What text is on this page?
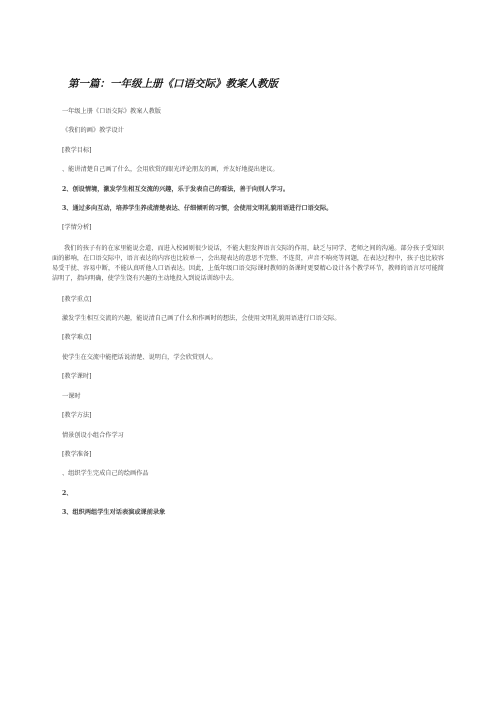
第一篇：一年级上册《口语交际》教案人教版

一年级上册《口语交际》教案人教版

《我们的画》教学设计

[教学目标]

、能讲清楚自己画了什么，会用欣赏的眼光评论朋友的画，并友好地提出建议。

2、创设情境，激发学生相互交流的兴趣，乐于发表自己的看法，善于向别人学习。

3、通过多向互动，培养学生养成清楚表达、仔细倾听的习惯，会使用文明礼貌用语进行口语交际。

[学情分析]

我们的孩子有的在家里能说会道，而进入校园则很少说话，不能大胆发挥语言交际的作用，缺乏与同学、老师之间的沟通。部分孩子受知识面的影响，在口语交际中，语言表达的内容也比较单一，会出现表达的意思不完整、不连贯，声音不响亮等问题，在表达过程中，孩子也比较容易受干扰、容易中断，不能认真听他人口语表达。因此，上低年级口语交际课时教师的备课时更要精心设计各个教学环节，教师的语言尽可能简洁明了，指向明确，使学生饶有兴趣的主动地投入到说话训练中去。

[教学重点]

激发学生相互交流的兴趣，能说清自己画了什么和作画时的想法，会使用文明礼貌用语进行口语交际。

[教学难点]

使学生在交流中能把话说清楚、说明白，学会欣赏别人。

[教学课时]

一课时

[教学方法]

情景创设小组合作学习

[教学准备]

、组织学生完成自己的绘画作品

2、

3、组织两组学生对话表演或课前录象
